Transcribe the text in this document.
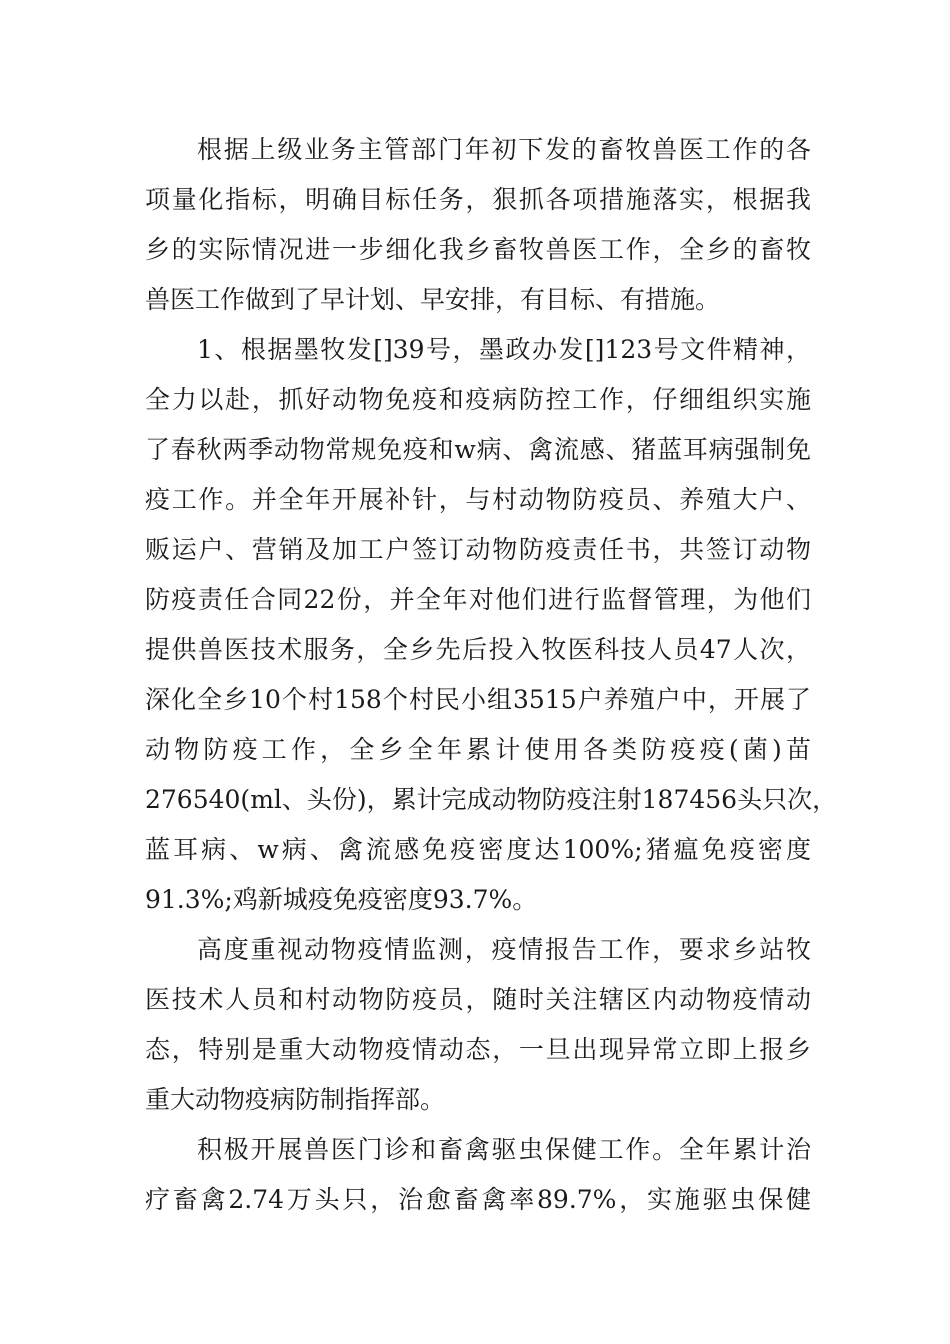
根据上级业务主管部门年初下发的畜牧兽医工作的各
项量化指标，明确目标任务，狠抓各项措施落实，根据我
乡的实际情况进一步细化我乡畜牧兽医工作，全乡的畜牧
兽医工作做到了早计划、早安排，有目标、有措施。
1、根据墨牧发[]39号，墨政办发[]123号文件精神，
全力以赴，抓好动物免疫和疫病防控工作，仔细组织实施
了春秋两季动物常规免疫和w病、禽流感、猪蓝耳病强制免
疫工作。并全年开展补针，与村动物防疫员、养殖大户、
贩运户、营销及加工户签订动物防疫责任书，共签订动物
防疫责任合同22份，并全年对他们进行监督管理，为他们
提供兽医技术服务，全乡先后投入牧医科技人员47人次，
深化全乡10个村158个村民小组3515户养殖户中，开展了
动物防疫工作，全乡全年累计使用各类防疫疫(菌)苗
276540(ml、头份)，累计完成动物防疫注射187456头只次，
蓝耳病、w病、禽流感免疫密度达100%;猪瘟免疫密度
91.3%;鸡新城疫免疫密度93.7%。
高度重视动物疫情监测，疫情报告工作，要求乡站牧
医技术人员和村动物防疫员，随时关注辖区内动物疫情动
态，特别是重大动物疫情动态，一旦出现异常立即上报乡
重大动物疫病防制指挥部。
积极开展兽医门诊和畜禽驱虫保健工作。全年累计治
疗畜禽2.74万头只，治愈畜禽率89.7%，实施驱虫保健
